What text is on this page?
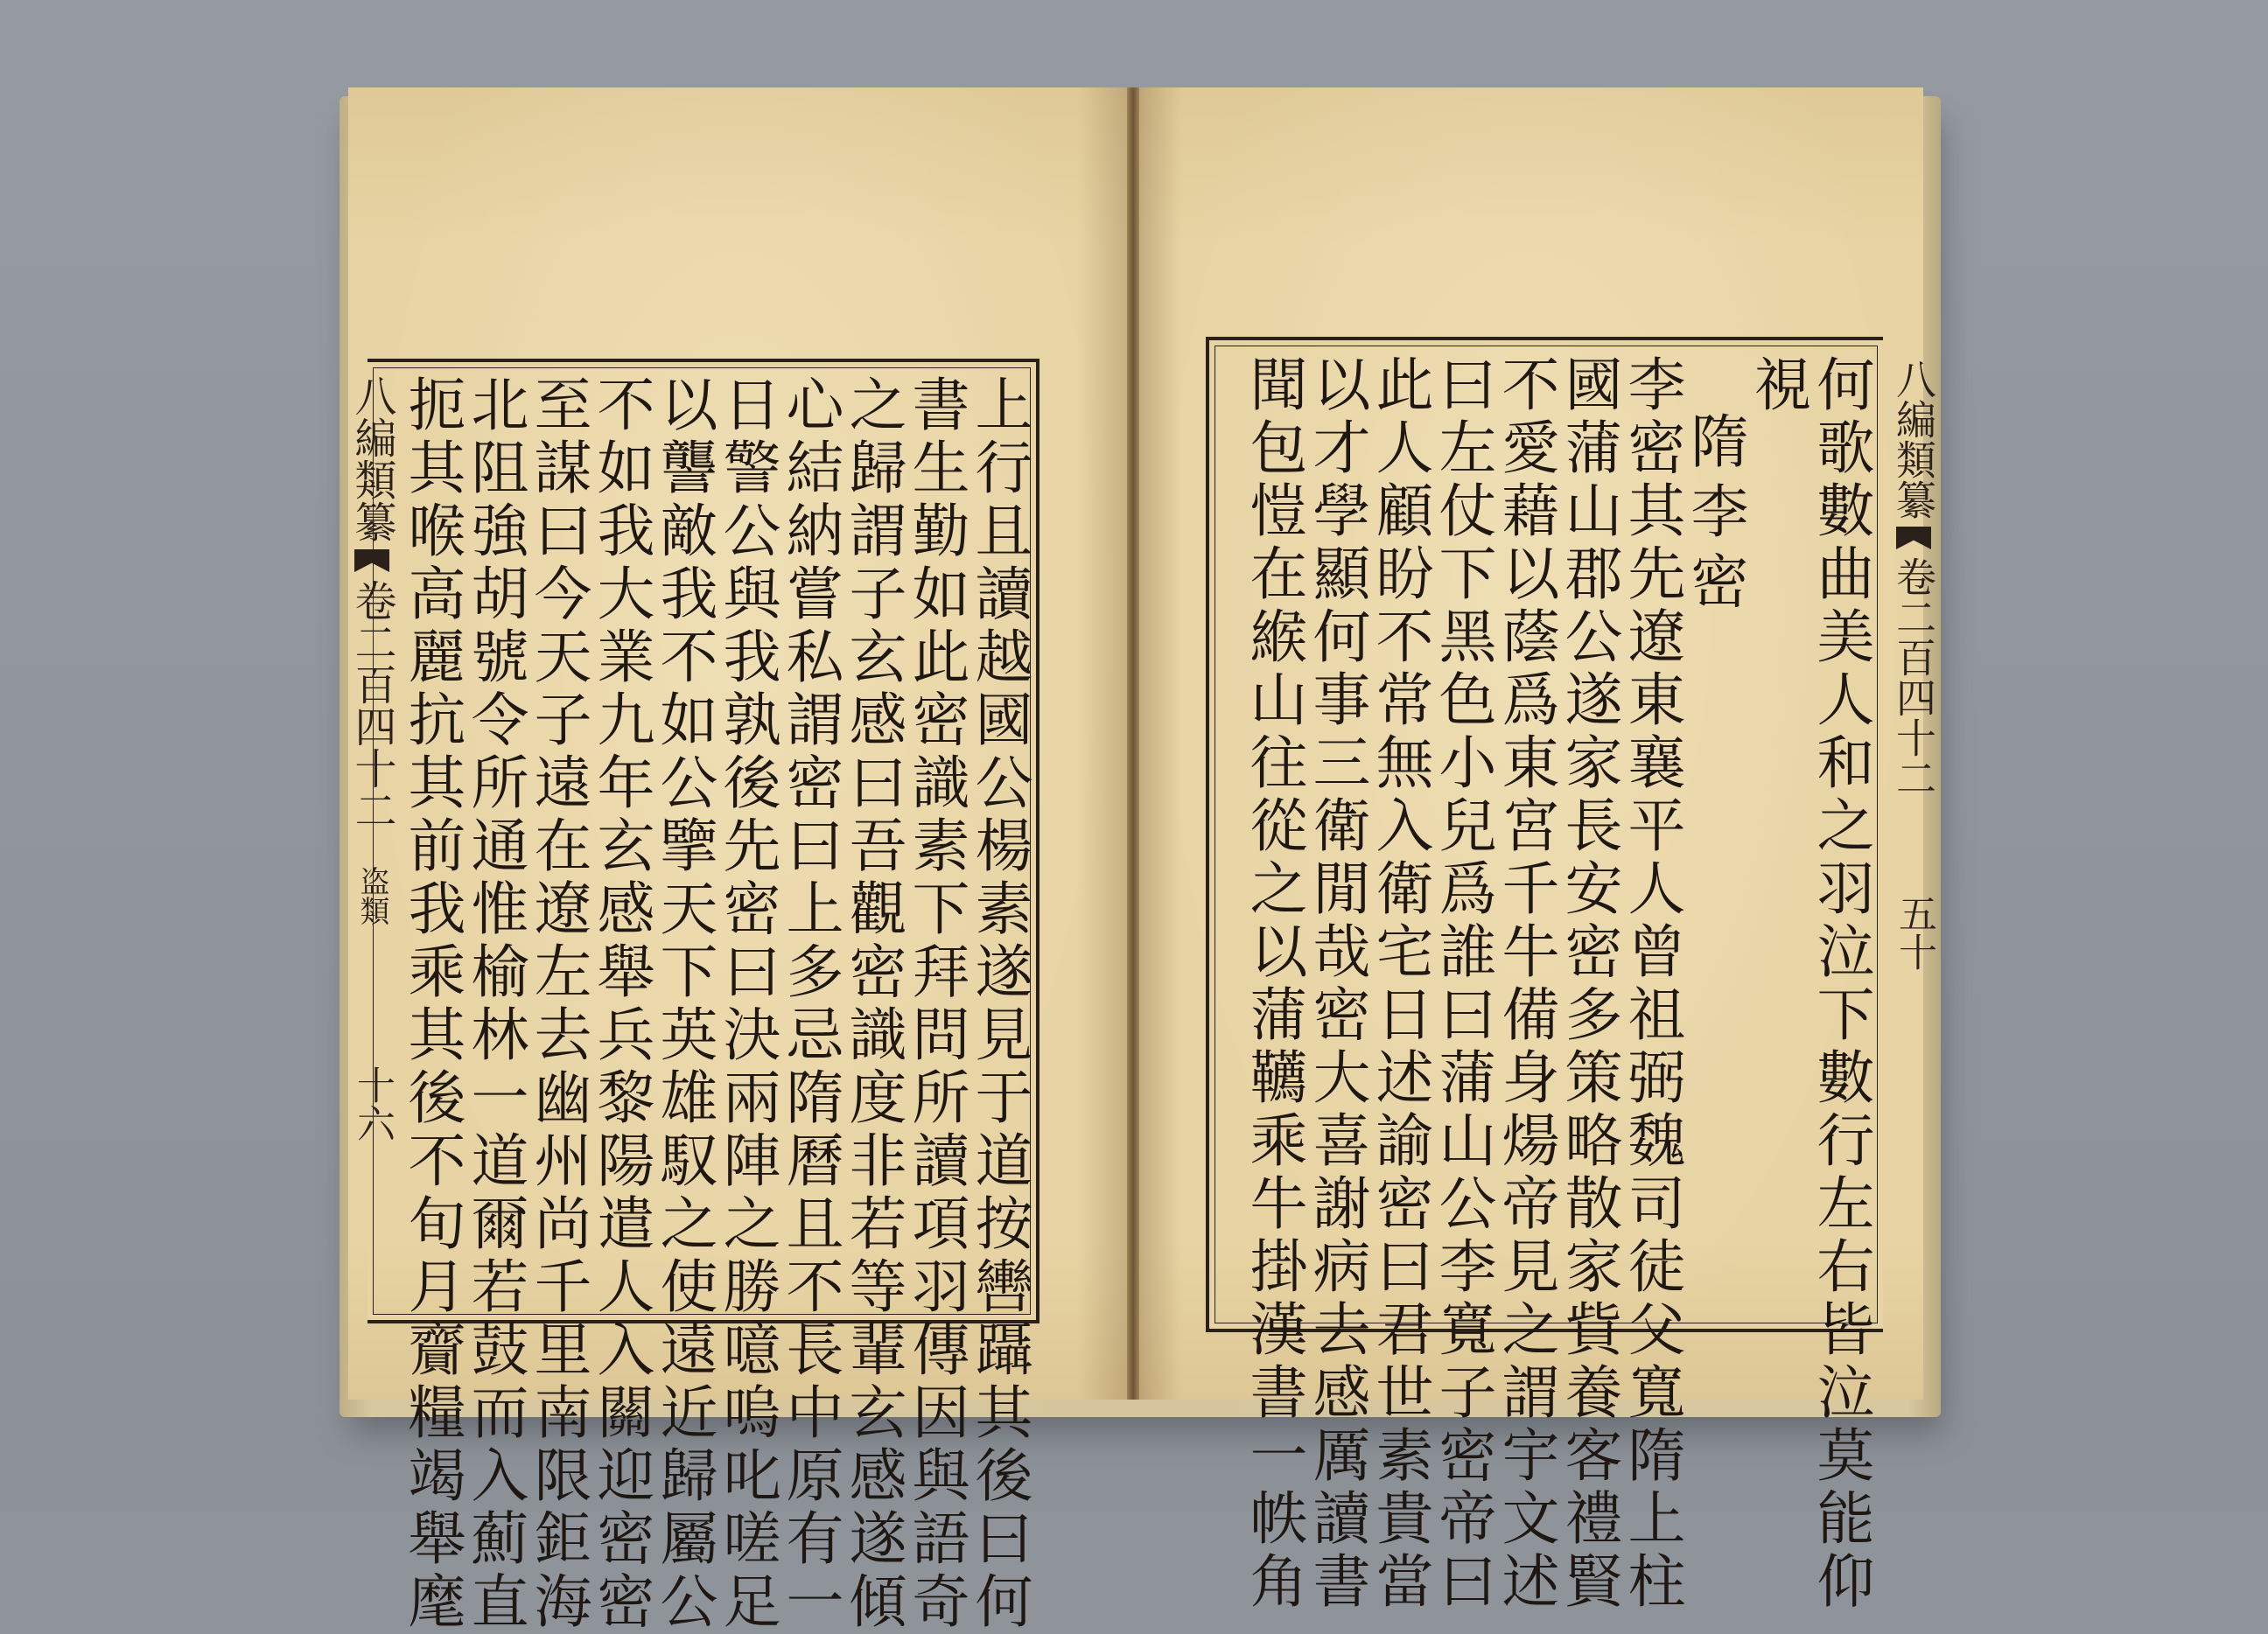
八編類纂卷二百四十二盗類十六
八編類纂卷二百四十二五十
上行且讀越國公楊素遂見于道按轡躡其後曰何
書生勤如此密識素下拜問所讀項羽傳因與語奇
之歸謂子玄感曰吾觀密識度非若等輩玄感遂傾
心結納嘗私謂密曰上多忌隋曆且不長中原有一
日警公與我孰後先密曰決兩陣之勝噫嗚叱嗟足
以讋敵我不如公擥天下英雄馭之使遠近歸屬公
不如我大業九年玄感舉兵黎陽遣人入關迎密密
至謀曰今天子遠在遼左去幽州尚千里南限鉅海
北阻強胡號令所通惟榆林一道爾若鼓而入薊直
扼其喉高麗抗其前我乘其後不旬月齎糧竭舉麾	何歌數曲美人和之羽泣下數行左右皆泣莫能仰
視
隋李密
李密其先遼東襄平人曾祖弼魏司徒父寬隋上柱
國蒲山郡公遂家長安密多策略散家貲養客禮賢
不愛藉以蔭爲東宮千牛備身煬帝見之謂宇文述
曰左仗下黑色小兒爲誰曰蒲山公李寬子密帝曰
此人顧盼不常無入衛宅日述諭密曰君世素貴當
以才學顯何事三衛閒哉密大喜謝病去感厲讀書
聞包愷在緱山往從之以蒲韉乘牛掛漢書一帙角
